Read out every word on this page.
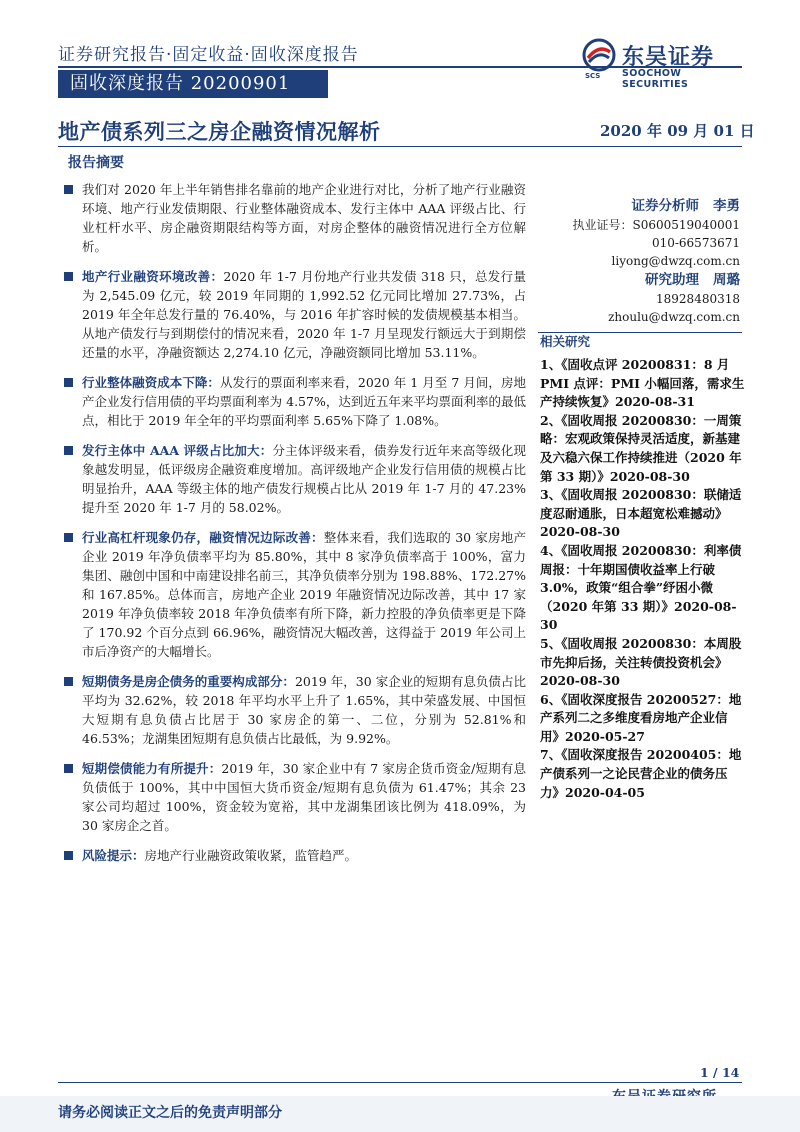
证券研究报告·固定收益·固收深度报告
固收深度报告 20200901	SCS
东吴证券
SOOCHOW SECURITIES
地产债系列三之房企融资情况解析	2020 年 09 月 01 日
报告摘要
我们对 2020 年上半年销售排名靠前的地产企业进行对比，分析了地产行业融资环境、地产行业发债期限、行业整体融资成本、发行主体中 AAA 评级占比、行业杠杆水平、房企融资期限结构等方面，对房企整体的融资情况进行全方位解析。
地产行业融资环境改善：2020 年 1-7 月份地产行业共发债 318 只，总发行量为 2,545.09 亿元，较 2019 年同期的 1,992.52 亿元同比增加 27.73%，占 2019 年全年总发行量的 76.40%，与 2016 年扩容时候的发债规模基本相当。从地产债发行与到期偿付的情况来看，2020 年 1-7 月呈现发行额远大于到期偿还量的水平，净融资额达 2,274.10 亿元，净融资额同比增加 53.11%。
行业整体融资成本下降：从发行的票面利率来看，2020 年 1 月至 7 月间，房地产企业发行信用债的平均票面利率为 4.57%，达到近五年来平均票面利率的最低点，相比于 2019 年全年的平均票面利率 5.65%下降了 1.08%。
发行主体中 AAA 评级占比加大：分主体评级来看，债券发行近年来高等级化现象越发明显，低评级房企融资难度增加。高评级地产企业发行信用债的规模占比明显抬升，AAA 等级主体的地产债发行规模占比从 2019 年 1-7 月的 47.23%提升至 2020 年 1-7 月的 58.02%。
行业高杠杆现象仍存，融资情况边际改善：整体来看，我们选取的 30 家房地产企业 2019 年净负债率平均为 85.80%，其中 8 家净负债率高于 100%，富力集团、融创中国和中南建设排名前三，其净负债率分别为 198.88%、172.27%和 167.85%。总体而言，房地产企业 2019 年融资情况边际改善，其中 17 家 2019 年净负债率较 2018 年净负债率有所下降，新力控股的净负债率更是下降了 170.92 个百分点到 66.96%，融资情况大幅改善，这得益于 2019 年公司上市后净资产的大幅增长。
短期债务是房企债务的重要构成部分：2019 年，30 家企业的短期有息负债占比平均为 32.62%，较 2018 年平均水平上升了 1.65%，其中荣盛发展、中国恒大短期有息负债占比居于 30 家房企的第一、二位，分别为 52.81%和 46.53%；龙湖集团短期有息负债占比最低，为 9.92%。
短期偿债能力有所提升：2019 年，30 家企业中有 7 家房企货币资金/短期有息负债低于 100%，其中中国恒大货币资金/短期有息负债为 61.47%；其余 23 家公司均超过 100%，资金较为宽裕，其中龙湖集团该比例为 418.09%，为 30 家房企之首。
风险提示：房地产行业融资政策收紧，监管趋严。
证券分析师 李勇
执业证号：S0600519040001
010-66573671
liyong@dwzq.com.cn
研究助理 周璐
18928480318
zhoulu@dwzq.com.cn
相关研究
1、《固收点评 20200831：8 月 PMI 点评：PMI 小幅回落，需求生产持续恢复》2020-08-31
2、《固收周报 20200830：一周策略：宏观政策保持灵活适度，新基建及六稳六保工作持续推进（2020 年第 33 期）》2020-08-30
3、《固收周报 20200830：联储适度忍耐通胀，日本超宽松难撼动》2020-08-30
4、《固收周报 20200830：利率债周报：十年期国债收益率上行破 3.0%，政策“组合拳”纾困小微（2020 年第 33 期）》2020-08-30
5、《固收周报 20200830：本周股市先抑后扬，关注转债投资机会》2020-08-30
6、《固收深度报告 20200527：地产系列二之多维度看房地产企业信用》2020-05-27
7、《固收深度报告 20200405：地产债系列一之论民营企业的债务压力》2020-04-05
1 / 14
请务必阅读正文之后的免责声明部分
